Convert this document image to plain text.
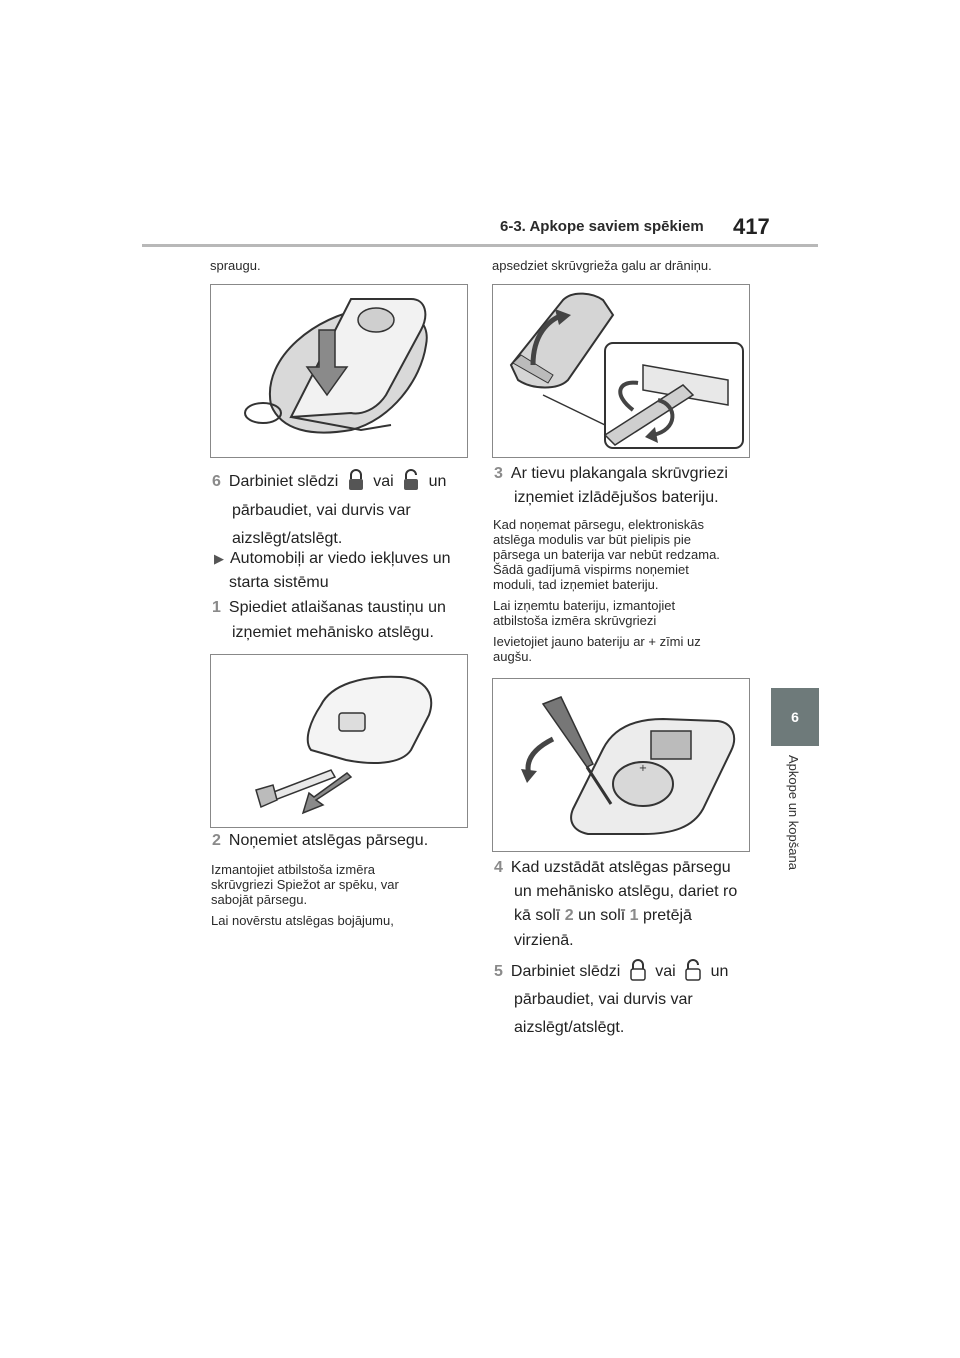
6-3. Apkope saviem spēkiem 417
6
Apkope un kopšana
spraugu.
6 Darbiniet slēdzi vai un
pārbaudiet, vai durvis var
aizslēgt/atslēgt.
▶ Automobiļi ar viedo iekļuves un
starta sistēmu
1 Spiediet atlaišanas taustiņu un
izņemiet mehānisko atslēgu.
2 Noņemiet atslēgas pārsegu.
Izmantojiet atbilstoša izmēra
skrūvgriezi Spiežot ar spēku, var
sabojāt pārsegu.
Lai novērstu atslēgas bojājumu,
apsedziet skrūvgrieža galu ar drāniņu.
3 Ar tievu plakangala skrūvgriezi
izņemiet izlādējušos bateriju.
Kad noņemat pārsegu, elektroniskās
atslēga modulis var būt pielipis pie
pārsega un baterija var nebūt redzama.
Šādā gadījumā vispirms noņemiet
moduli, tad izņemiet bateriju.
Lai izņemtu bateriju, izmantojiet
atbilstoša izmēra skrūvgriezi
Ievietojiet jauno bateriju ar + zīmi uz
augšu.
+
4 Kad uzstādāt atslēgas pārsegu
un mehānisko atslēgu, dariet ro
kā solī 2 un solī 1 pretējā
virzienā.
5 Darbiniet slēdzi vai un
pārbaudiet, vai durvis var
aizslēgt/atslēgt.
